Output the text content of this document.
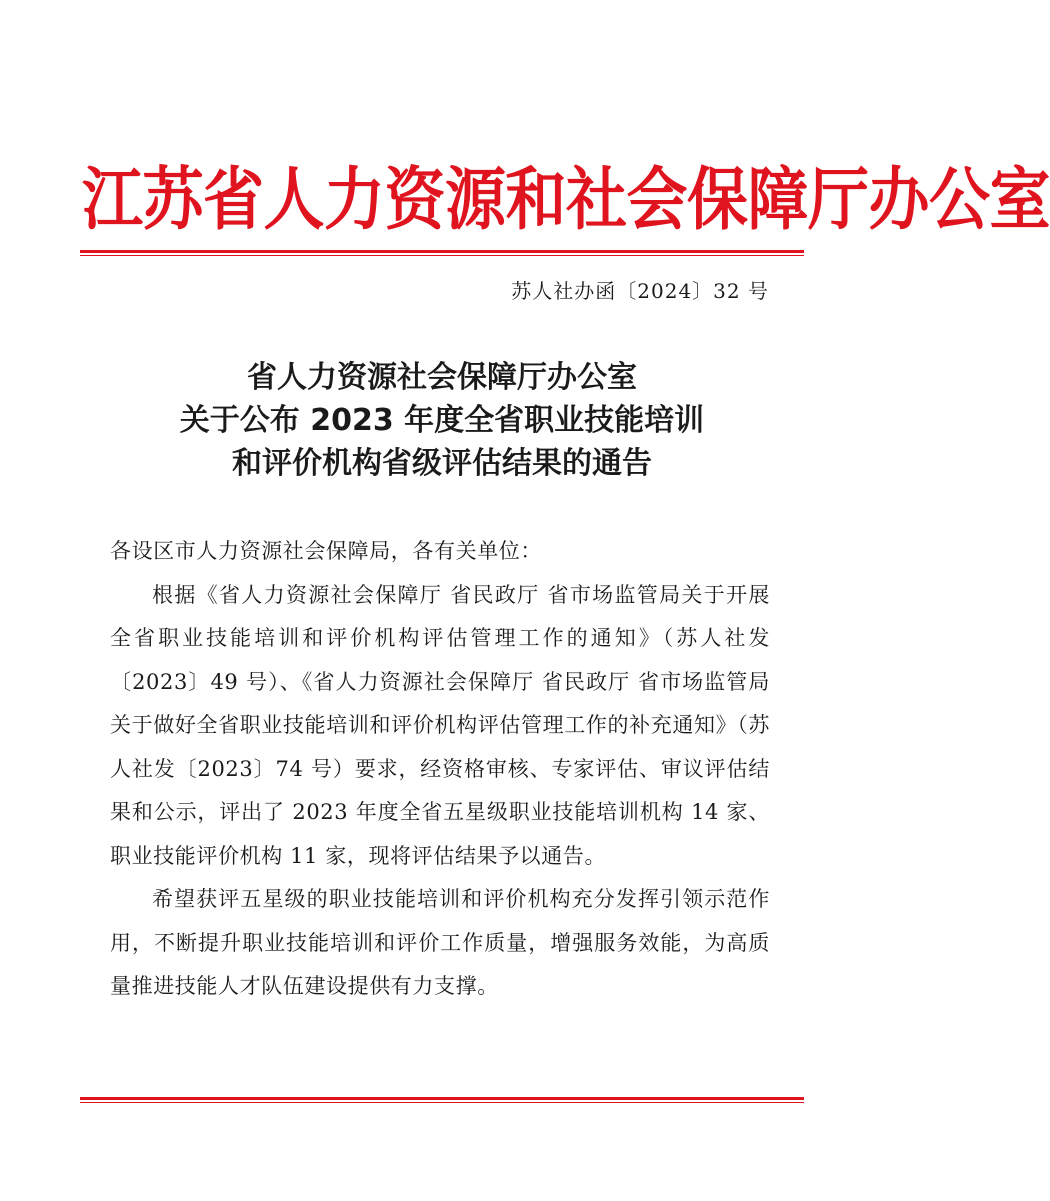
江苏省人力资源和社会保障厅办公室
苏人社办函〔2024〕32 号
省人力资源社会保障厅办公室
关于公布 2023 年度全省职业技能培训
和评价机构省级评估结果的通告

各设区市人力资源社会保障局，各有关单位：

根据《省人力资源社会保障厅 省民政厅 省市场监管局关于开展全省职业技能培训和评价机构评估管理工作的通知》（苏人社发〔2023〕49 号）、《省人力资源社会保障厅 省民政厅 省市场监管局关于做好全省职业技能培训和评价机构评估管理工作的补充通知》（苏人社发〔2023〕74 号）要求，经资格审核、专家评估、审议评估结果和公示，评出了 2023 年度全省五星级职业技能培训机构 14 家、职业技能评价机构 11 家，现将评估结果予以通告。

希望获评五星级的职业技能培训和评价机构充分发挥引领示范作用，不断提升职业技能培训和评价工作质量，增强服务效能，为高质量推进技能人才队伍建设提供有力支撑。
